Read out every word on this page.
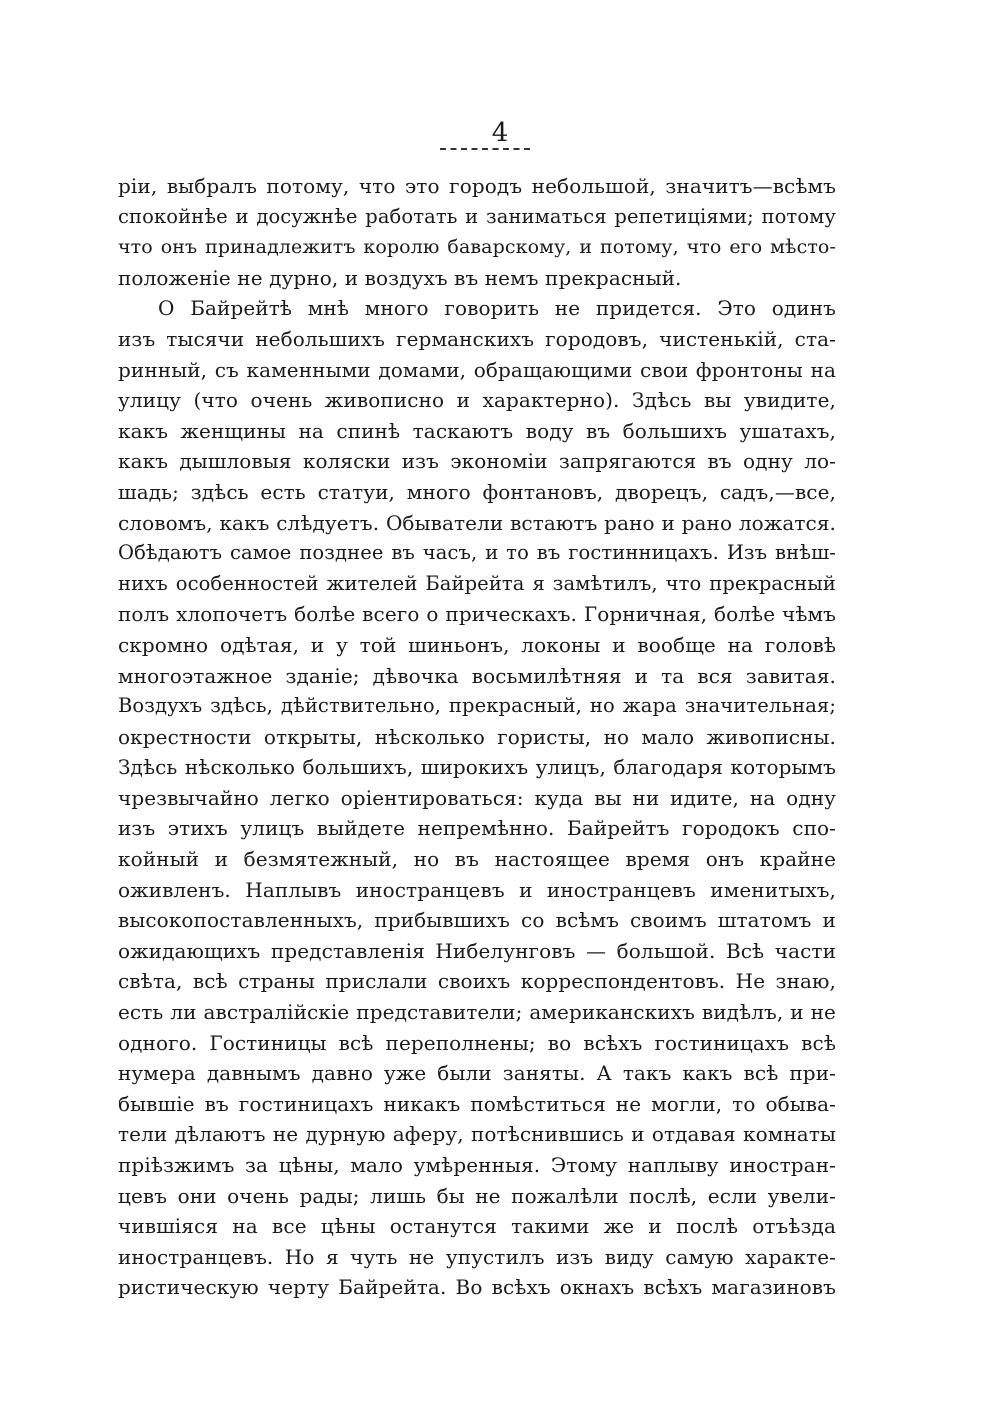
4
ріи, выбралъ потому, что это городъ небольшой, значитъ—всѣмъ
спокойнѣе и досужнѣе работать и заниматься репетиціями; потому
что онъ принадлежитъ королю баварскому, и потому, что его мѣсто-
положеніе не дурно, и воздухъ въ немъ прекрасный.
О Байрейтѣ мнѣ много говорить не придется. Это одинъ
изъ тысячи небольшихъ германскихъ городовъ, чистенькій, ста-
ринный, съ каменными домами, обращающими свои фронтоны на
улицу (что очень живописно и характерно). Здѣсь вы увидите,
какъ женщины на спинѣ таскаютъ воду въ большихъ ушатахъ,
какъ дышловыя коляски изъ экономіи запрягаются въ одну ло-
шадь; здѣсь есть статуи, много фонтановъ, дворецъ, садъ,—все,
словомъ, какъ слѣдуетъ. Обыватели встаютъ рано и рано ложатся.
Обѣдаютъ самое позднее въ часъ, и то въ гостинницахъ. Изъ внѣш-
нихъ особенностей жителей Байрейта я замѣтилъ, что прекрасный
полъ хлопочетъ болѣе всего о прическахъ. Горничная, болѣе чѣмъ
скромно одѣтая, и у той шиньонъ, локоны и вообще на головѣ
многоэтажное зданіе; дѣвочка восьмилѣтняя и та вся завитая.
Воздухъ здѣсь, дѣйствительно, прекрасный, но жара значительная;
окрестности открыты, нѣсколько гористы, но мало живописны.
Здѣсь нѣсколько большихъ, широкихъ улицъ, благодаря которымъ
чрезвычайно легко оріентироваться: куда вы ни идите, на одну
изъ этихъ улицъ выйдете непремѣнно. Байрейтъ городокъ спо-
койный и безмятежный, но въ настоящее время онъ крайне
оживленъ. Наплывъ иностранцевъ и иностранцевъ именитыхъ,
высокопоставленныхъ, прибывшихъ со всѣмъ своимъ штатомъ и
ожидающихъ представленія Нибелунговъ — большой. Всѣ части
свѣта, всѣ страны прислали своихъ корреспондентовъ. Не знаю,
есть ли австралійскіе представители; американскихъ видѣлъ, и не
одного. Гостиницы всѣ переполнены; во всѣхъ гостиницахъ всѣ
нумера давнымъ давно уже были заняты. А такъ какъ всѣ при-
бывшіе въ гостиницахъ никакъ помѣститься не могли, то обыва-
тели дѣлаютъ не дурную аферу, потѣснившись и отдавая комнаты
пріѣзжимъ за цѣны, мало умѣренныя. Этому наплыву иностран-
цевъ они очень рады; лишь бы не пожалѣли послѣ, если увели-
чившіяся на все цѣны останутся такими же и послѣ отъѣзда
иностранцевъ. Но я чуть не упустилъ изъ виду самую характе-
ристическую черту Байрейта. Во всѣхъ окнахъ всѣхъ магазиновъ
